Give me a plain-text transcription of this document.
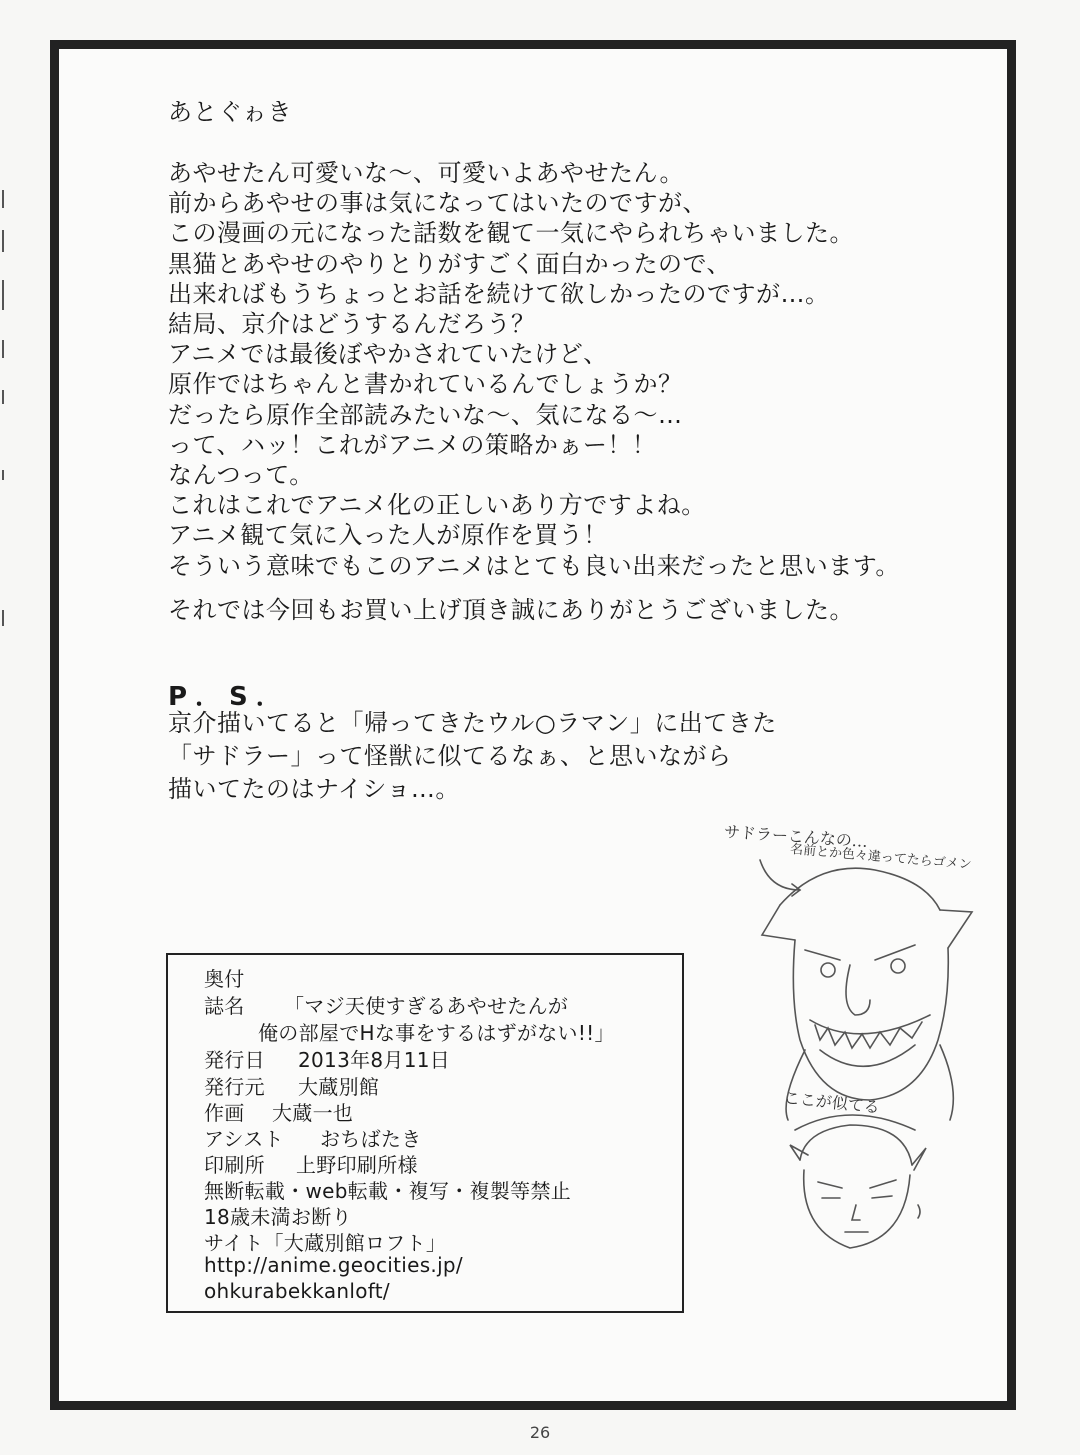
あとぐゎき
あやせたん可愛いな～、可愛いよあやせたん。
前からあやせの事は気になってはいたのですが、
この漫画の元になった話数を観て一気にやられちゃいました。
黒猫とあやせのやりとりがすごく面白かったので、
出来ればもうちょっとお話を続けて欲しかったのですが…。
結局、京介はどうするんだろう？
アニメでは最後ぼやかされていたけど、
原作ではちゃんと書かれているんでしょうか？
だったら原作全部読みたいな～、気になる～…
って、ハッ！これがアニメの策略かぁー！！
なんつって。
これはこれでアニメ化の正しいあり方ですよね。
アニメ観て気に入った人が原作を買う！
そういう意味でもこのアニメはとても良い出来だったと思います。
それでは今回もお買い上げ頂き誠にありがとうございました。
P．S．
京介描いてると「帰ってきたウル○ラマン」に出てきた
「サドラー」って怪獣に似てるなぁ、と思いながら
描いてたのはナイショ…。
奥付
誌名 「マジ天使すぎるあやせたんが
俺の部屋でHな事をするはずがない!!」
発行日 2013年8月11日
発行元 大蔵別館
作画 大蔵一也
アシスト おちばたき
印刷所 上野印刷所様
無断転載・web転載・複写・複製等禁止
18歳未満お断り
サイト「大蔵別館ロフト」
http://anime.geocities.jp/
ohkurabekkanloft/
サドラーこんなの…
名前とか色々違ってたらゴメン
ここが似てる
26
